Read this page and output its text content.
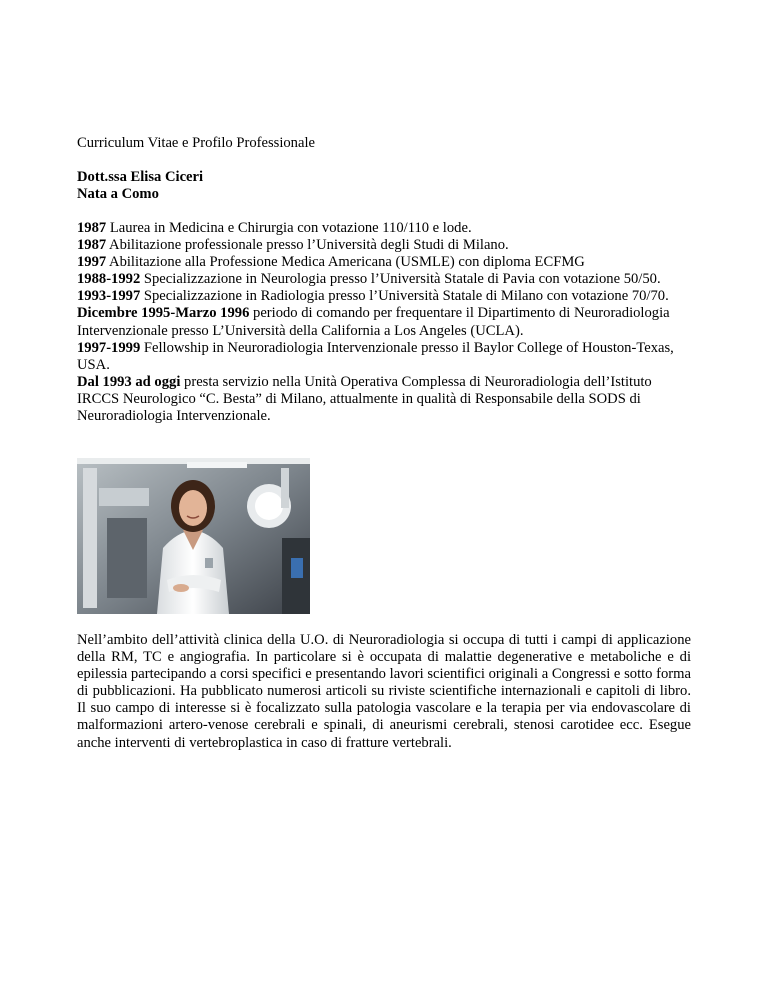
Curriculum Vitae e Profilo Professionale

Dott.ssa Elisa Ciceri
Nata a Como
1987 Laurea in Medicina e Chirurgia con votazione 110/110 e lode.
1987 Abilitazione professionale presso l’Università degli Studi di Milano.
1997 Abilitazione alla Professione Medica Americana (USMLE) con diploma ECFMG
1988-1992 Specializzazione in Neurologia presso l’Università Statale di Pavia con votazione 50/50.
1993-1997 Specializzazione in Radiologia presso l’Università Statale di Milano con votazione 70/70.
Dicembre 1995-Marzo 1996 periodo di comando per frequentare il Dipartimento di Neuroradiologia Intervenzionale presso L’Università della California a Los Angeles (UCLA).
1997-1999 Fellowship in Neuroradiologia Intervenzionale presso il Baylor College of Houston-Texas, USA.
Dal 1993 ad oggi presta servizio nella Unità Operativa Complessa di Neuroradiologia dell’Istituto IRCCS Neurologico “C. Besta” di Milano, attualmente in qualità di Responsabile della SODS di Neuroradiologia Intervenzionale.
Nell’ambito dell’attività clinica della U.O. di Neuroradiologia si occupa di tutti i campi di applicazione della RM, TC e angiografia. In particolare si è occupata di malattie degenerative e metaboliche e di epilessia partecipando a corsi specifici e presentando lavori scientifici originali a Congressi e sotto forma di pubblicazioni. Ha pubblicato numerosi articoli su riviste scientifiche internazionali e capitoli di libro. Il suo campo di interesse si è focalizzato sulla patologia vascolare e la terapia per via endovascolare di malformazioni artero-venose cerebrali e spinali, di aneurismi cerebrali, stenosi carotidee ecc. Esegue anche interventi di vertebroplastica in caso di fratture vertebrali.
